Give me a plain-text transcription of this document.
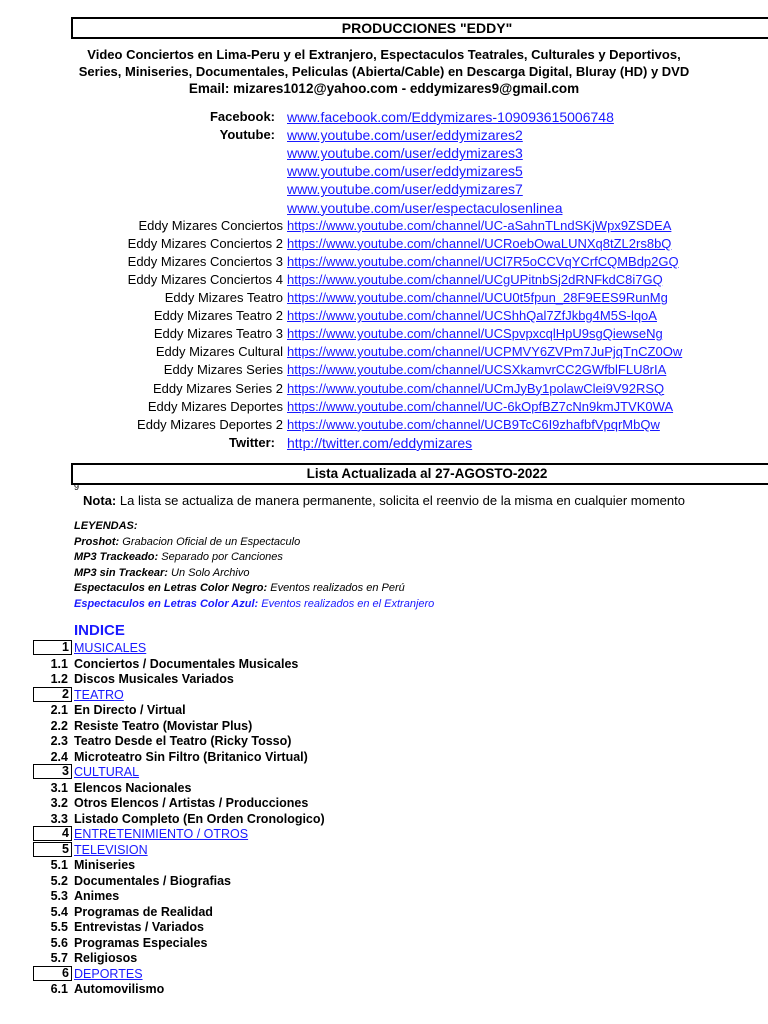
PRODUCCIONES "EDDY"
Video Conciertos en Lima-Peru y el Extranjero, Espectaculos Teatrales, Culturales y Deportivos,
Series, Miniseries, Documentales, Peliculas (Abierta/Cable) en Descarga Digital, Bluray (HD) y DVD
Email: mizares1012@yahoo.com - eddymizares9@gmail.com
Facebook: www.facebook.com/Eddymizares-109093615006748
Youtube: www.youtube.com/user/eddymizares2
www.youtube.com/user/eddymizares3
www.youtube.com/user/eddymizares5
www.youtube.com/user/eddymizares7
www.youtube.com/user/espectaculosenlinea
Eddy Mizares Conciertos https://www.youtube.com/channel/UC-aSahnTLndSKjWpx9ZSDEA
Eddy Mizares Conciertos 2 https://www.youtube.com/channel/UCRoebOwaLUNXq8tZL2rs8bQ
Eddy Mizares Conciertos 3 https://www.youtube.com/channel/UCl7R5oCCVqYCrfCQMBdp2GQ
Eddy Mizares Conciertos 4 https://www.youtube.com/channel/UCgUPitnbSj2dRNFkdC8i7GQ
Eddy Mizares Teatro https://www.youtube.com/channel/UCU0t5fpun_28F9EES9RunMg
Eddy Mizares Teatro 2 https://www.youtube.com/channel/UCShhQal7ZfJkbg4M5S-lqoA
Eddy Mizares Teatro 3 https://www.youtube.com/channel/UCSpvpxcqlHpU9sgQiewseNg
Eddy Mizares Cultural https://www.youtube.com/channel/UCPMVY6ZVPm7JuPjqTnCZ0Ow
Eddy Mizares Series https://www.youtube.com/channel/UCSXkamvrCC2GWfblFLU8rIA
Eddy Mizares Series 2 https://www.youtube.com/channel/UCmJyBy1polawClei9V92RSQ
Eddy Mizares Deportes https://www.youtube.com/channel/UC-6kOpfBZ7cNn9kmJTVK0WA
Eddy Mizares Deportes 2 https://www.youtube.com/channel/UCB9TcC6I9zhafbfVpqrMbQw
Twitter: http://twitter.com/eddymizares
Lista Actualizada al 27-AGOSTO-2022
9
Nota: La lista se actualiza de manera permanente, solicita el reenvio de la misma en cualquier momento
LEYENDAS:
Proshot: Grabacion Oficial de un Espectaculo
MP3 Trackeado: Separado por Canciones
MP3 sin Trackear: Un Solo Archivo
Espectaculos en Letras Color Negro: Eventos realizados en Perú
Espectaculos en Letras Color Azul: Eventos realizados en el Extranjero
INDICE
1 MUSICALES
1.1 Conciertos / Documentales Musicales
1.2 Discos Musicales Variados
2 TEATRO
2.1 En Directo / Virtual
2.2 Resiste Teatro (Movistar Plus)
2.3 Teatro Desde el Teatro (Ricky Tosso)
2.4 Microteatro Sin Filtro (Britanico Virtual)
3 CULTURAL
3.1 Elencos Nacionales
3.2 Otros Elencos / Artistas / Producciones
3.3 Listado Completo (En Orden Cronologico)
4 ENTRETENIMIENTO / OTROS
5 TELEVISION
5.1 Miniseries
5.2 Documentales / Biografias
5.3 Animes
5.4 Programas de Realidad
5.5 Entrevistas / Variados
5.6 Programas Especiales
5.7 Religiosos
6 DEPORTES
6.1 Automovilismo
